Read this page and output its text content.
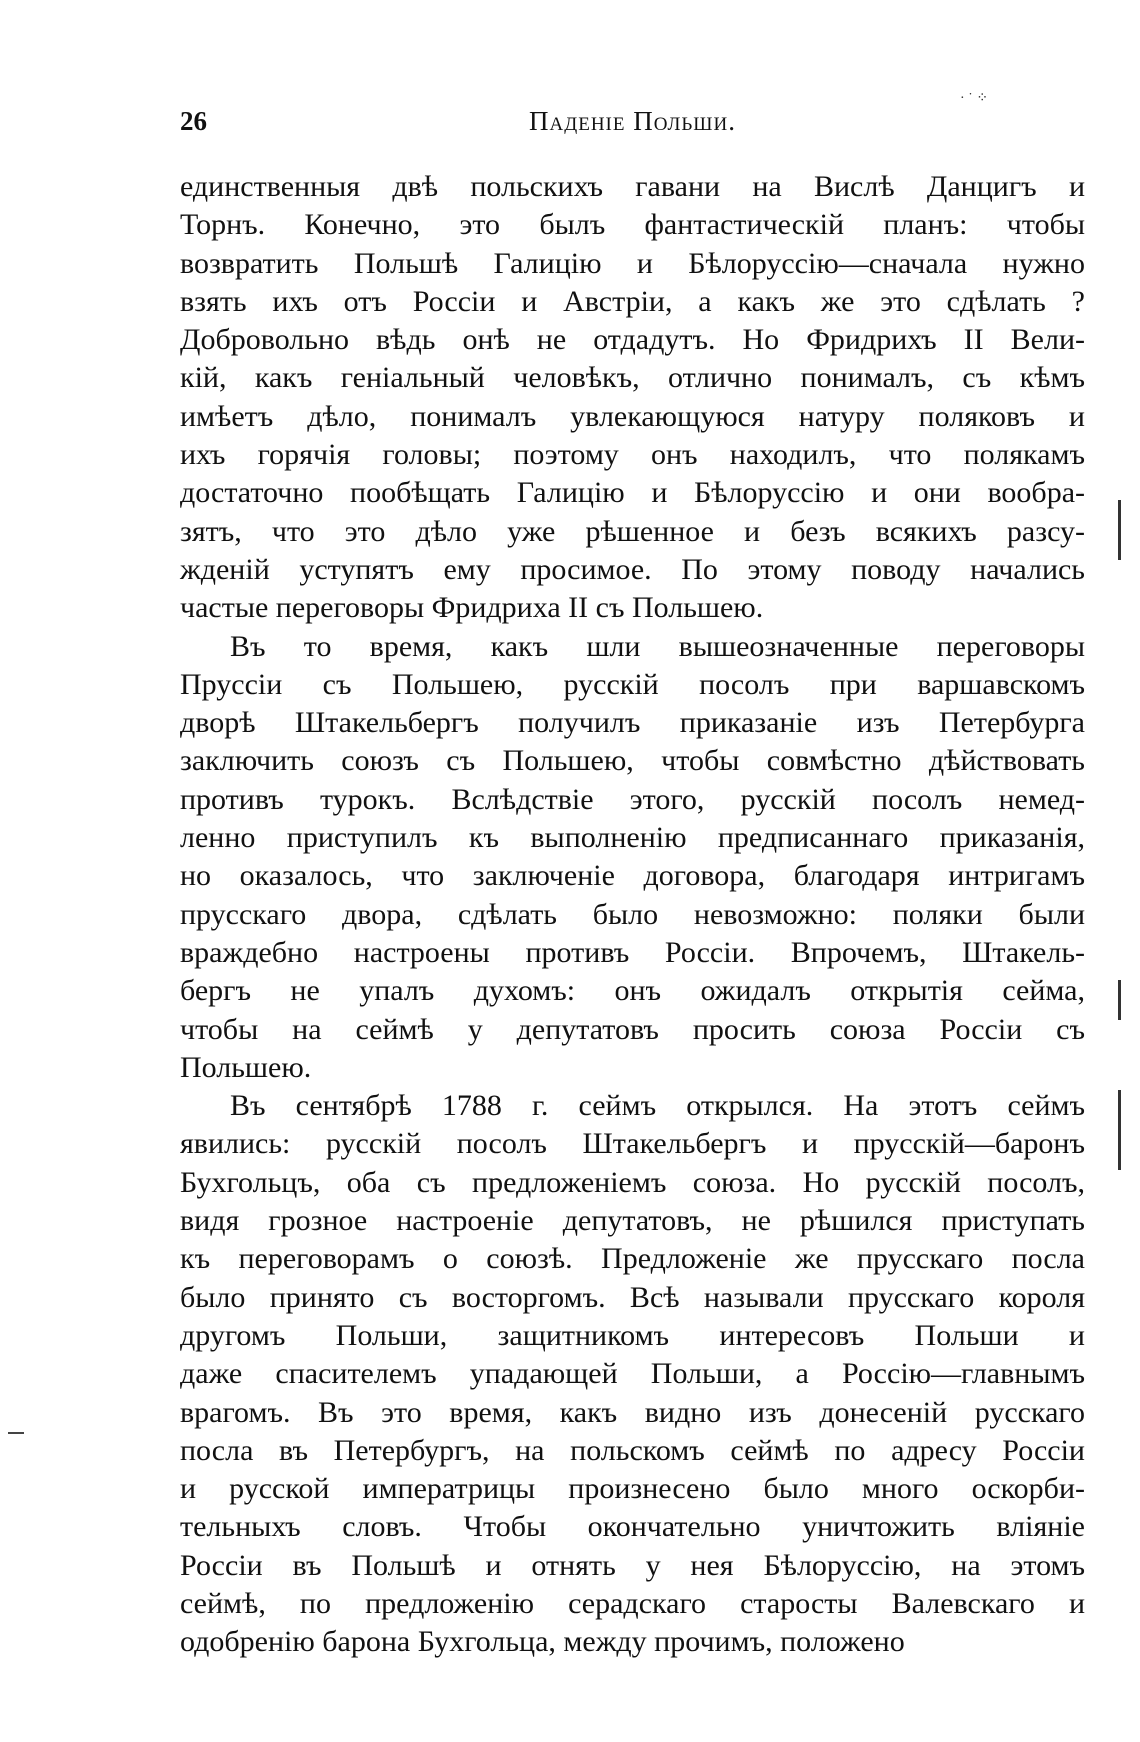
26	Паденіе Польши.
· ˙ ⁘
единственныя двѣ польскихъ гавани на Вислѣ Данцигъ и
Торнъ. Конечно, это былъ фантастическій планъ: чтобы
возвратить Польшѣ Галицію и Бѣлоруссію—сначала нужно
взять ихъ отъ Россіи и Австріи, а какъ же это сдѣлать ?
Добровольно вѣдь онѣ не отдадутъ. Но Фридрихъ II Вели-
кій, какъ геніальный человѣкъ, отлично понималъ, съ кѣмъ
имѣетъ дѣло, понималъ увлекающуюся натуру поляковъ и
ихъ горячія головы; поэтому онъ находилъ, что полякамъ
достаточно пообѣщать Галицію и Бѣлоруссію и они вообра-
зятъ, что это дѣло уже рѣшенное и безъ всякихъ разсу-
жденій уступятъ ему просимое. По этому поводу начались
частые переговоры Фридриха II съ Польшею.
Въ то время, какъ шли вышеозначенные переговоры
Пруссіи съ Польшею, русскій посолъ при варшавскомъ
дворѣ Штакельбергъ получилъ приказаніе изъ Петербурга
заключить союзъ съ Польшею, чтобы совмѣстно дѣйствовать
противъ турокъ. Вслѣдствіе этого, русскій посолъ немед-
ленно приступилъ къ выполненію предписаннаго приказанія,
но оказалось, что заключеніе договора, благодаря интригамъ
прусскаго двора, сдѣлать было невозможно: поляки были
враждебно настроены противъ Россіи. Впрочемъ, Штакель-
бергъ не упалъ духомъ: онъ ожидалъ открытія сейма,
чтобы на сеймѣ у депутатовъ просить союза Россіи съ
Польшею.
Въ сентябрѣ 1788 г. сеймъ открылся. На этотъ сеймъ
явились: русскій посолъ Штакельбергъ и прусскій—баронъ
Бухгольцъ, оба съ предложеніемъ союза. Но русскій посолъ,
видя грозное настроеніе депутатовъ, не рѣшился приступать
къ переговорамъ о союзѣ. Предложеніе же прусскаго посла
было принято съ восторгомъ. Всѣ называли прусскаго короля
другомъ Польши, защитникомъ интересовъ Польши и
даже спасителемъ упадающей Польши, а Россію—главнымъ
врагомъ. Въ это время, какъ видно изъ донесеній русскаго
посла въ Петербургъ, на польскомъ сеймѣ по адресу Россіи
и русской императрицы произнесено было много оскорби-
тельныхъ словъ. Чтобы окончательно уничтожить вліяніе
Россіи въ Польшѣ и отнять у нея Бѣлоруссію, на этомъ
сеймѣ, по предложенію серадскаго старосты Валевскаго и
одобренію барона Бухгольца, между прочимъ, положено
